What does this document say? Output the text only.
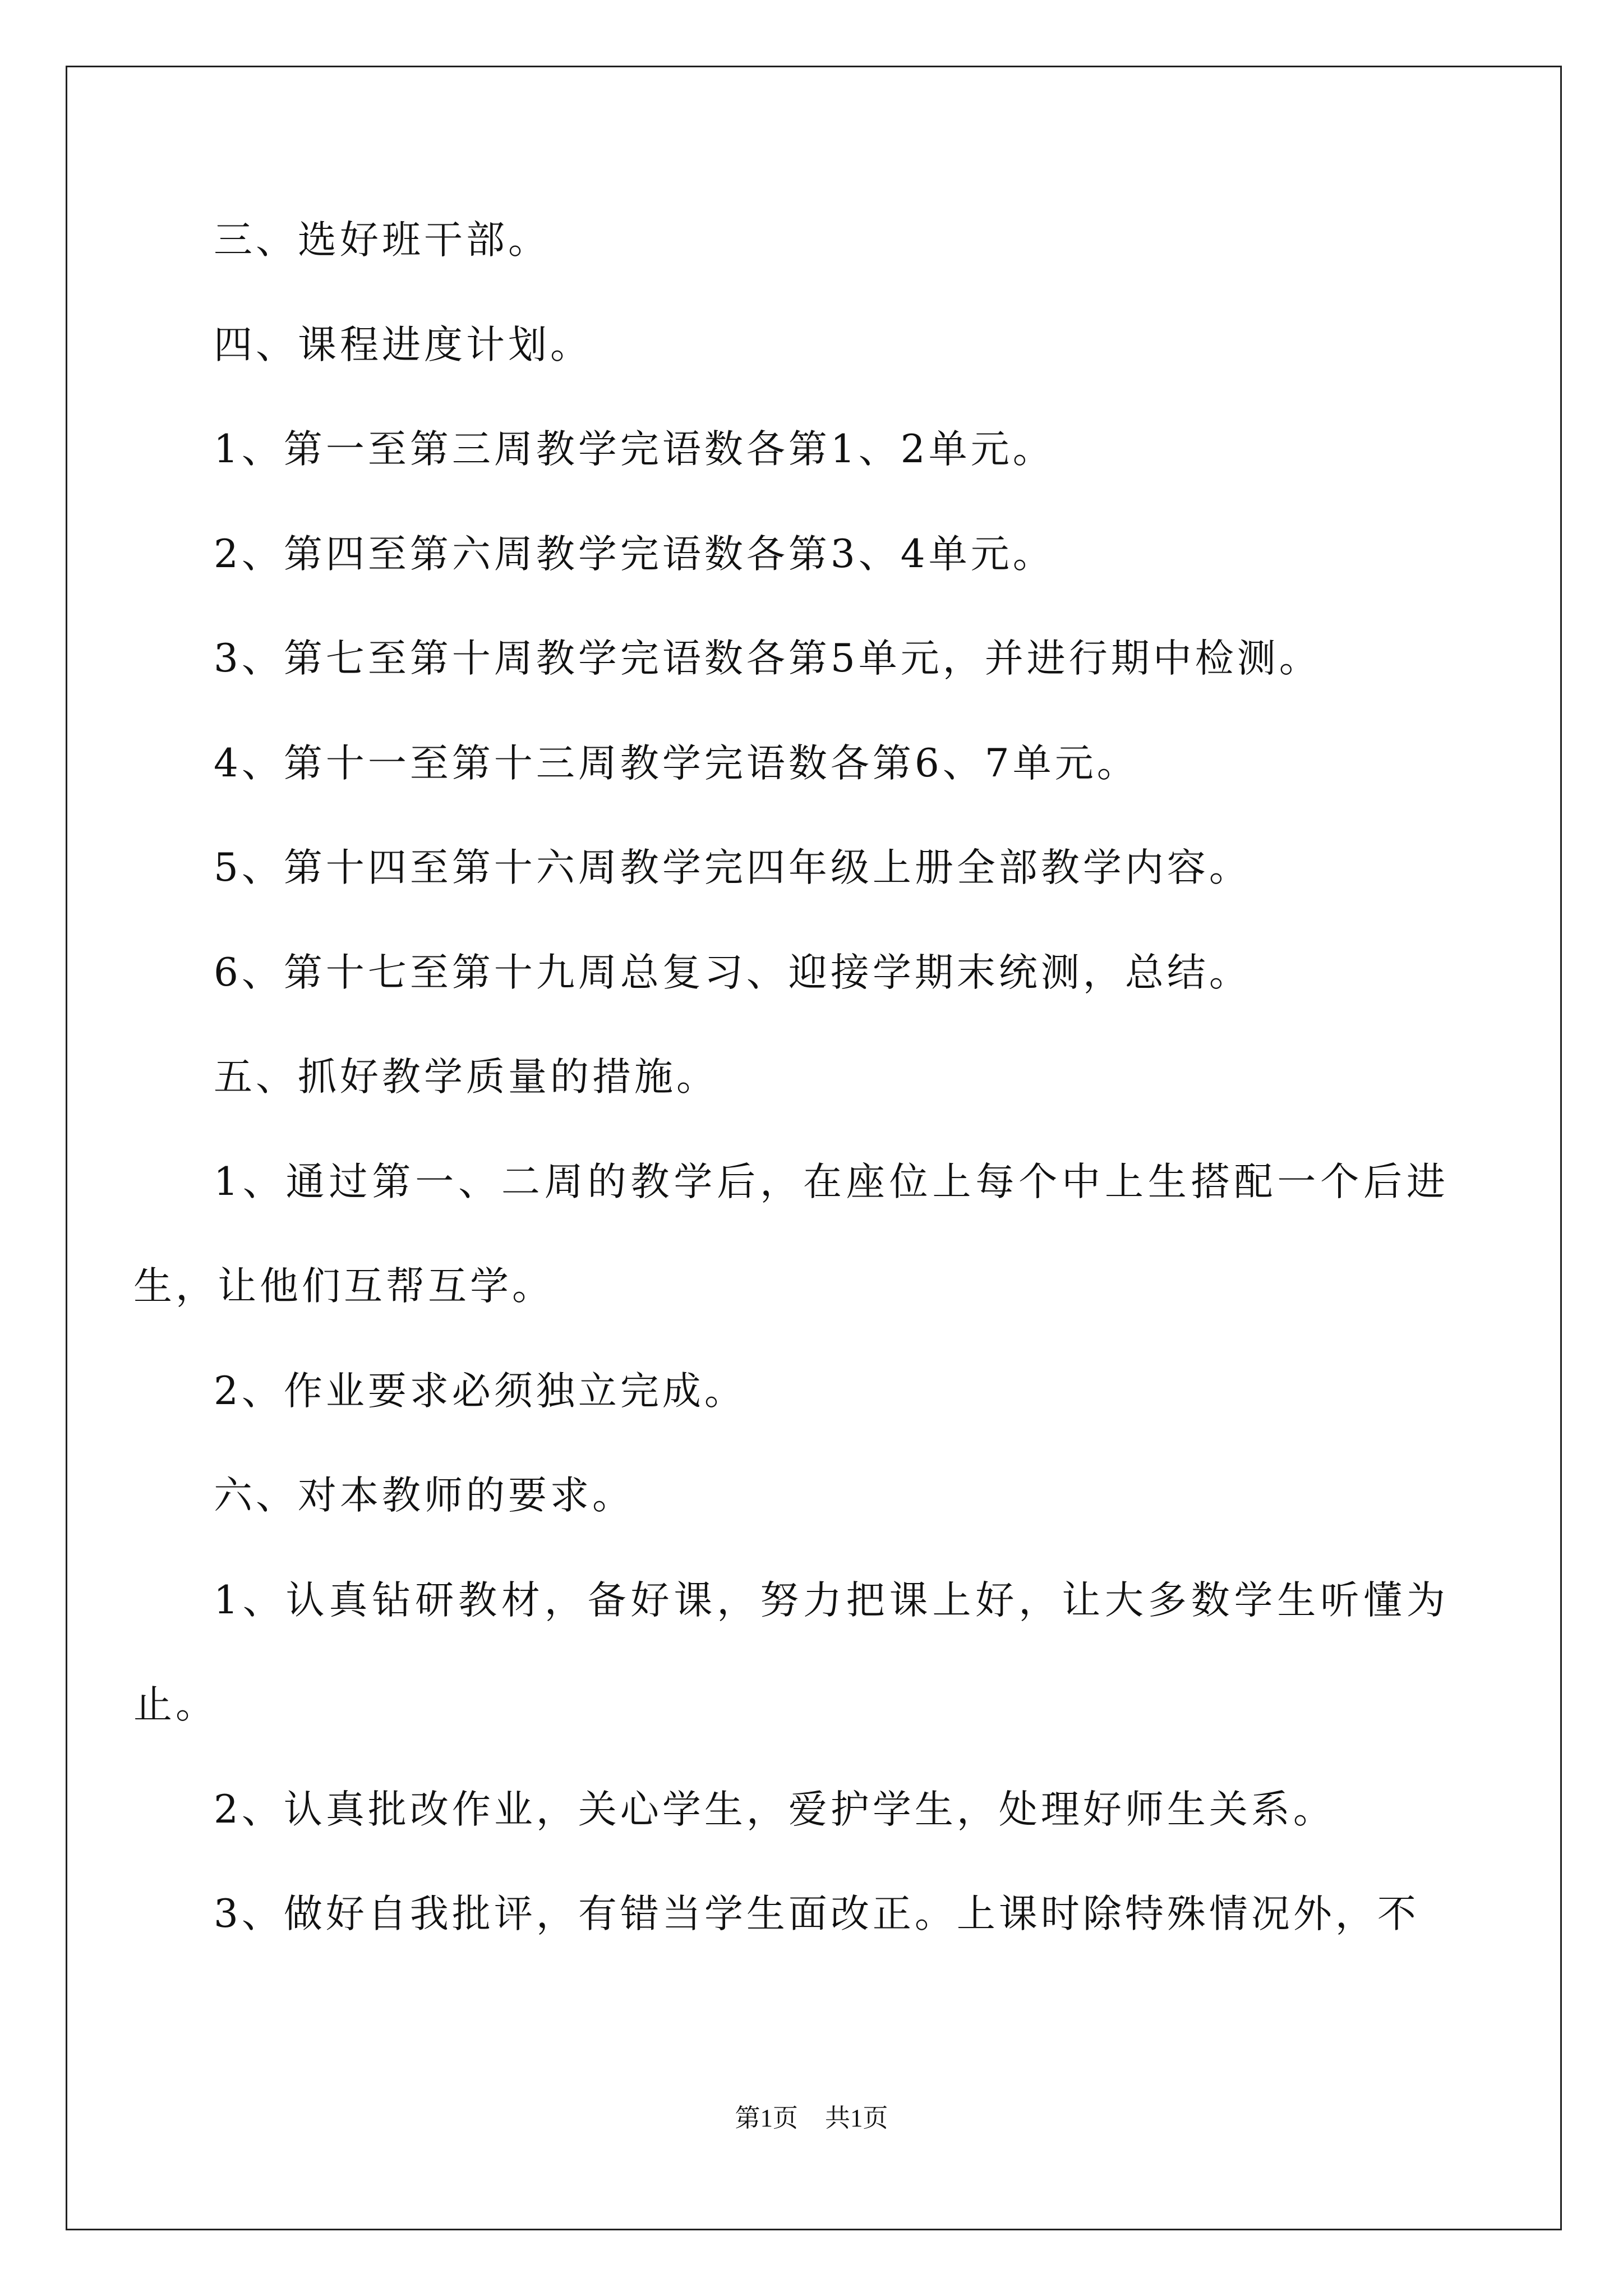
三、选好班干部。

四、课程进度计划。

1、第一至第三周教学完语数各第1、2单元。

2、第四至第六周教学完语数各第3、4单元。

3、第七至第十周教学完语数各第5单元，并进行期中检测。

4、第十一至第十三周教学完语数各第6、7单元。

5、第十四至第十六周教学完四年级上册全部教学内容。

6、第十七至第十九周总复习、迎接学期末统测，总结。

五、抓好教学质量的措施。

1、通过第一、二周的教学后，在座位上每个中上生搭配一个后进生，让他们互帮互学。

2、作业要求必须独立完成。

六、对本教师的要求。

1、认真钻研教材，备好课，努力把课上好，让大多数学生听懂为止。

2、认真批改作业，关心学生，爱护学生，处理好师生关系。

3、做好自我批评，有错当学生面改正。上课时除特殊情况外，不

第1页 共1页
